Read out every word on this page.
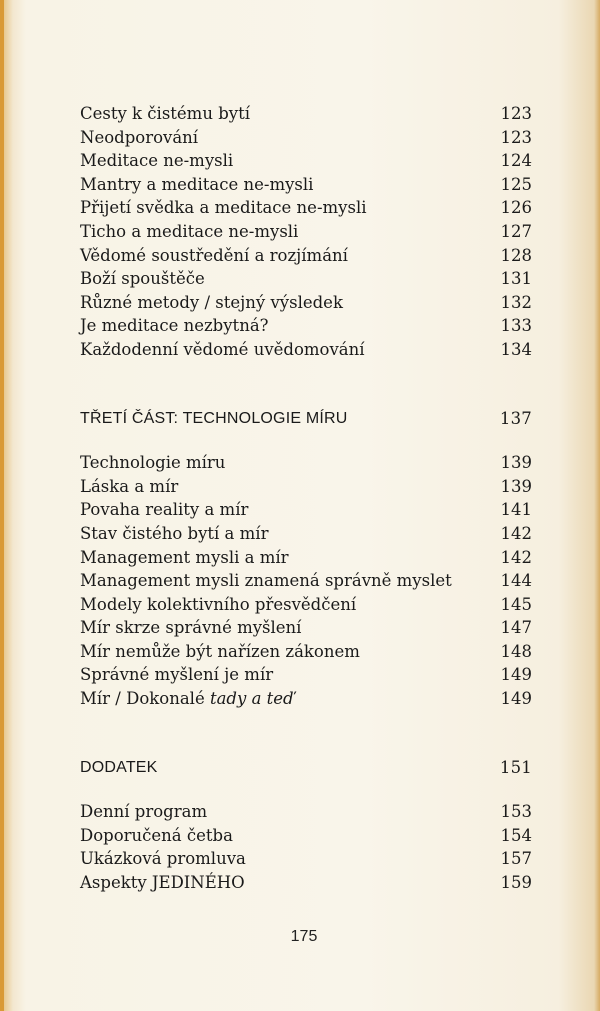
Cesty k čistému bytí	123
Neodporování	123
Meditace ne-mysli	124
Mantry a meditace ne-mysli	125
Přijetí svědka a meditace ne-mysli	126
Ticho a meditace ne-mysli	127
Vědomé soustředění a rozjímání	128
Boží spouštěče	131
Různé metody / stejný výsledek	132
Je meditace nezbytná?	133
Každodenní vědomé uvědomování	134
TŘETÍ ČÁST: TECHNOLOGIE MÍRU	137
Technologie míru	139
Láska a mír	139
Povaha reality a mír	141
Stav čistého bytí a mír	142
Management mysli a mír	142
Management mysli znamená správně myslet	144
Modely kolektivního přesvědčení	145
Mír skrze správné myšlení	147
Mír nemůže být nařízen zákonem	148
Správné myšlení je mír	149
Mír / Dokonalé tady a teď	149
DODATEK	151
Denní program	153
Doporučená četba	154
Ukázková promluva	157
Aspekty JEDINÉHO	159
175
